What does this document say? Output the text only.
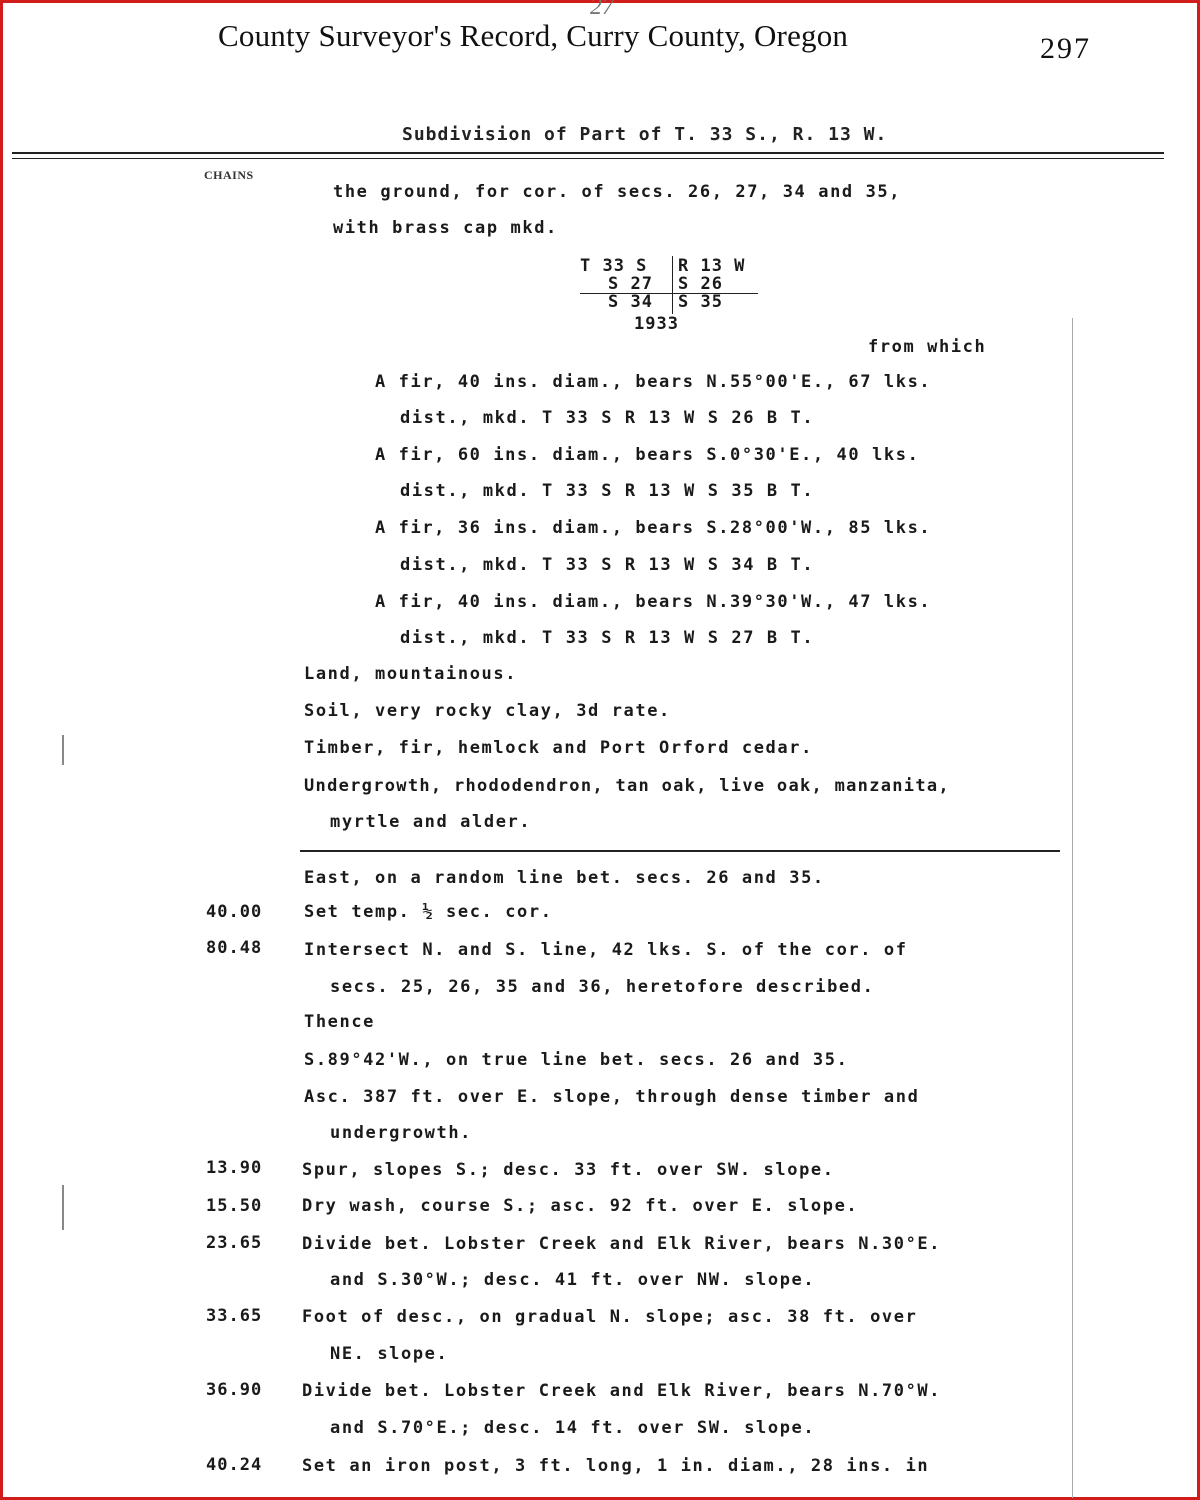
27
County Surveyor's Record, Curry County, Oregon	297
Subdivision of Part of T. 33 S., R. 13 W.
CHAINS
the ground, for cor. of secs. 26, 27, 34 and 35,
with brass cap mkd.
T 33 S R 13 W
S 27 S 26
S 34 S 35
1933
from which
A fir, 40 ins. diam., bears N.55°00'E., 67 lks.
dist., mkd. T 33 S R 13 W S 26 B T.
A fir, 60 ins. diam., bears S.0°30'E., 40 lks.
dist., mkd. T 33 S R 13 W S 35 B T.
A fir, 36 ins. diam., bears S.28°00'W., 85 lks.
dist., mkd. T 33 S R 13 W S 34 B T.
A fir, 40 ins. diam., bears N.39°30'W., 47 lks.
dist., mkd. T 33 S R 13 W S 27 B T.
Land, mountainous.
Soil, very rocky clay, 3d rate.
Timber, fir, hemlock and Port Orford cedar.
Undergrowth, rhododendron, tan oak, live oak, manzanita,
myrtle and alder.
East, on a random line bet. secs. 26 and 35.
40.00 Set temp. ½ sec. cor.
80.48 Intersect N. and S. line, 42 lks. S. of the cor. of
secs. 25, 26, 35 and 36, heretofore described.
Thence
S.89°42'W., on true line bet. secs. 26 and 35.
Asc. 387 ft. over E. slope, through dense timber and
undergrowth.
13.90 Spur, slopes S.; desc. 33 ft. over SW. slope.
15.50 Dry wash, course S.; asc. 92 ft. over E. slope.
23.65 Divide bet. Lobster Creek and Elk River, bears N.30°E.
and S.30°W.; desc. 41 ft. over NW. slope.
33.65 Foot of desc., on gradual N. slope; asc. 38 ft. over
NE. slope.
36.90 Divide bet. Lobster Creek and Elk River, bears N.70°W.
and S.70°E.; desc. 14 ft. over SW. slope.
40.24 Set an iron post, 3 ft. long, 1 in. diam., 28 ins. in
